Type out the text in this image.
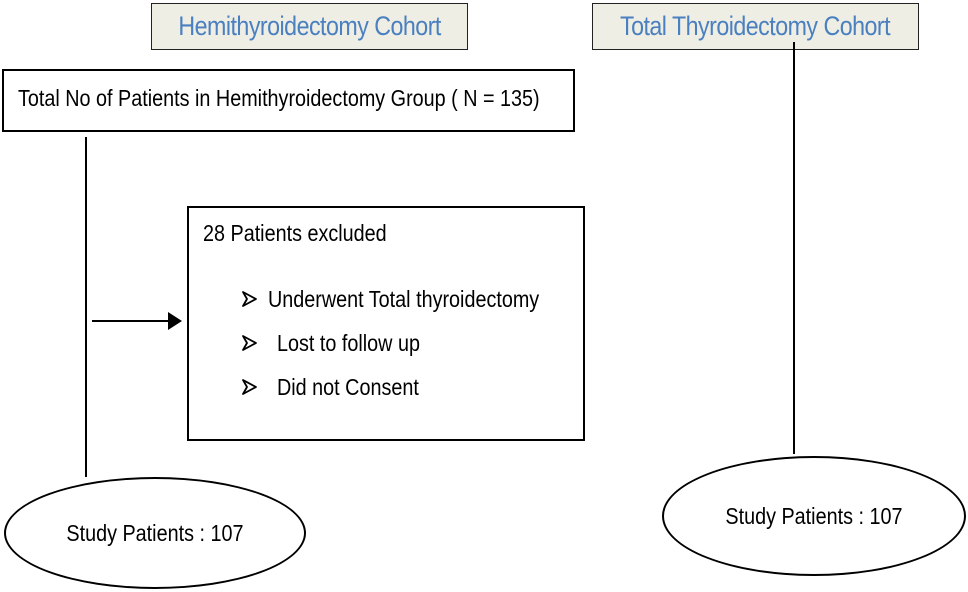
Hemithyroidectomy Cohort	Total Thyroidectomy Cohort
Total No of Patients in Hemithyroidectomy Group ( N = 135)
28 Patients excluded
Underwent Total thyroidectomy
Lost to follow up
Did not Consent
Study Patients : 107
Study Patients : 107
